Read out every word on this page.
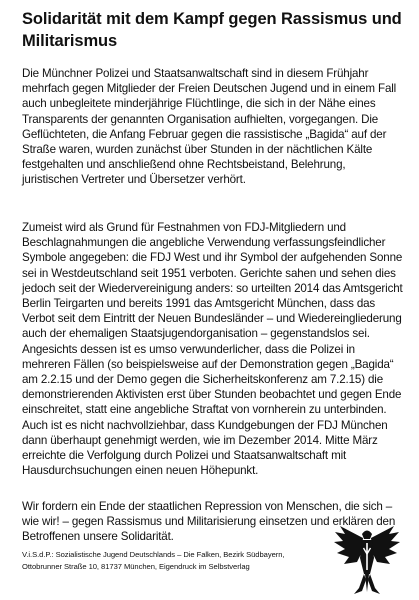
Solidarität mit dem Kampf gegen Rassismus und Militarismus

Die Münchner Polizei und Staatsanwaltschaft sind in diesem Frühjahr mehrfach gegen Mitglieder der Freien Deutschen Jugend und in einem Fall auch unbegleitete minderjährige Flüchtlinge, die sich in der Nähe eines Transparents der genannten Organisation aufhielten, vorgegangen. Die Geflüchteten, die Anfang Februar gegen die rassistische „Bagida“ auf der Straße waren, wurden zunächst über Stunden in der nächtlichen Kälte festgehalten und anschließend ohne Rechtsbeistand, Belehrung, juristischen Vertreter und Übersetzer verhört.

Zumeist wird als Grund für Festnahmen von FDJ-Mitgliedern und Beschlagnahmungen die angebliche Verwendung verfassungsfeindlicher Symbole angegeben: die FDJ West und ihr Symbol der aufgehenden Sonne sei in Westdeutschland seit 1951 verboten. Gerichte sahen und sehen dies jedoch seit der Wiedervereinigung anders: so urteilten 2014 das Amtsgericht Berlin Teirgarten und bereits 1991 das Amtsgericht München, dass das Verbot seit dem Eintritt der Neuen Bundesländer – und Wiedereingliederung auch der ehemaligen Staatsjugendorganisation – gegenstandslos sei. Angesichts dessen ist es umso verwunderlicher, dass die Polizei in mehreren Fällen (so beispielsweise auf der Demonstration gegen „Bagida“ am 2.2.15 und der Demo gegen die Sicherheitskonferenz am 7.2.15) die demonstrierenden Aktivisten erst über Stunden beobachtet und gegen Ende einschreitet, statt eine angebliche Straftat von vornherein zu unterbinden. Auch ist es nicht nachvollziehbar, dass Kundgebungen der FDJ München dann überhaupt genehmigt werden, wie im Dezember 2014. Mitte März erreichte die Verfolgung durch Polizei und Staatsanwaltschaft mit Hausdurchsuchungen einen neuen Höhepunkt.

Wir fordern ein Ende der staatlichen Repression von Menschen, die sich – wie wir! – gegen Rassismus und Militarisierung einsetzen und erklären den Betroffenen unsere Solidarität.

V.i.S.d.P.: Sozialistische Jugend Deutschlands – Die Falken, Bezirk Südbayern,
Ottobrunner Straße 10, 81737 München, Eigendruck im Selbstverlag
